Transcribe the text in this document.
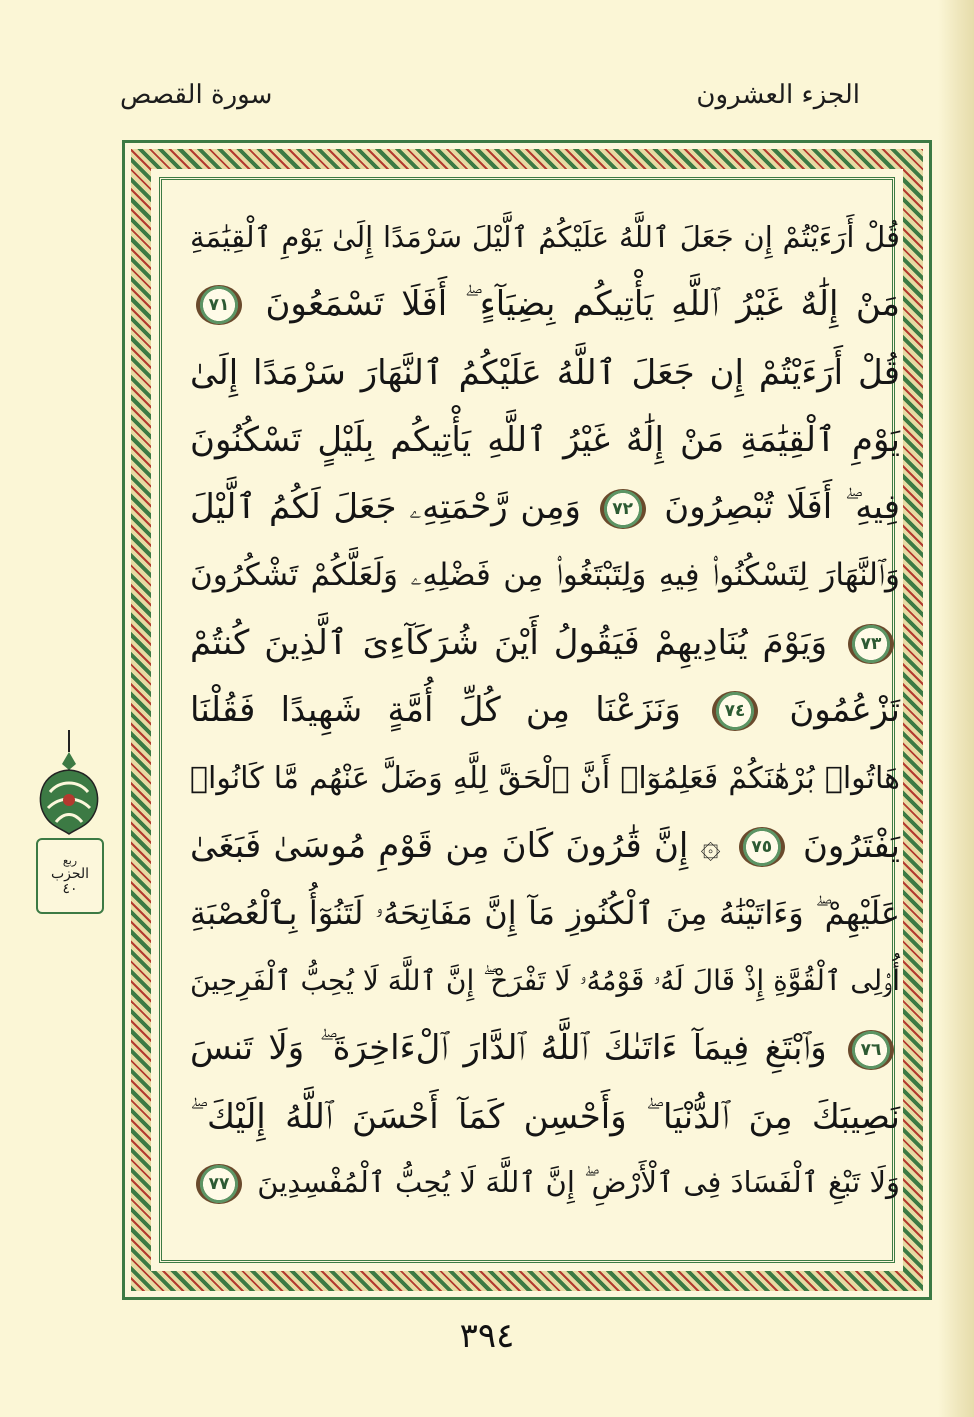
سورة القصص	الجزء العشرون
قُلْ أَرَءَيْتُمْ إِن جَعَلَ ٱللَّهُ عَلَيْكُمُ ٱلَّيْلَ سَرْمَدًا إِلَىٰ يَوْمِ ٱلْقِيَٰمَةِ
مَنْ إِلَٰهٌ غَيْرُ ٱللَّهِ يَأْتِيكُم بِضِيَآءٍ ۖ أَفَلَا تَسْمَعُونَ ٧١
قُلْ أَرَءَيْتُمْ إِن جَعَلَ ٱللَّهُ عَلَيْكُمُ ٱلنَّهَارَ سَرْمَدًا إِلَىٰ
يَوْمِ ٱلْقِيَٰمَةِ مَنْ إِلَٰهٌ غَيْرُ ٱللَّهِ يَأْتِيكُم بِلَيْلٍ تَسْكُنُونَ
فِيهِ ۖ أَفَلَا تُبْصِرُونَ ٧٢ وَمِن رَّحْمَتِهِۦ جَعَلَ لَكُمُ ٱلَّيْلَ
وَٱلنَّهَارَ لِتَسْكُنُوا۟ فِيهِ وَلِتَبْتَغُوا۟ مِن فَضْلِهِۦ وَلَعَلَّكُمْ تَشْكُرُونَ
٧٣ وَيَوْمَ يُنَادِيهِمْ فَيَقُولُ أَيْنَ شُرَكَآءِىَ ٱلَّذِينَ كُنتُمْ
تَزْعُمُونَ ٧٤ وَنَزَعْنَا مِن كُلِّ أُمَّةٍ شَهِيدًا فَقُلْنَا
هَاتُوا۟ بُرْهَٰنَكُمْ فَعَلِمُوٓا۟ أَنَّ ٱلْحَقَّ لِلَّهِ وَضَلَّ عَنْهُم مَّا كَانُوا۟
يَفْتَرُونَ ٧٥ ۞ إِنَّ قَٰرُونَ كَانَ مِن قَوْمِ مُوسَىٰ فَبَغَىٰ
عَلَيْهِمْ ۖ وَءَاتَيْنَٰهُ مِنَ ٱلْكُنُوزِ مَآ إِنَّ مَفَاتِحَهُۥ لَتَنُوٓأُ بِٱلْعُصْبَةِ
أُو۟لِى ٱلْقُوَّةِ إِذْ قَالَ لَهُۥ قَوْمُهُۥ لَا تَفْرَحْ ۖ إِنَّ ٱللَّهَ لَا يُحِبُّ ٱلْفَرِحِينَ
٧٦ وَٱبْتَغِ فِيمَآ ءَاتَىٰكَ ٱللَّهُ ٱلدَّارَ ٱلْءَاخِرَةَ ۖ وَلَا تَنسَ
نَصِيبَكَ مِنَ ٱلدُّنْيَا ۖ وَأَحْسِن كَمَآ أَحْسَنَ ٱللَّهُ إِلَيْكَ ۖ
وَلَا تَبْغِ ٱلْفَسَادَ فِى ٱلْأَرْضِ ۖ إِنَّ ٱللَّهَ لَا يُحِبُّ ٱلْمُفْسِدِينَ ٧٧
ربع
الحزب
٤٠
٣٩٤
